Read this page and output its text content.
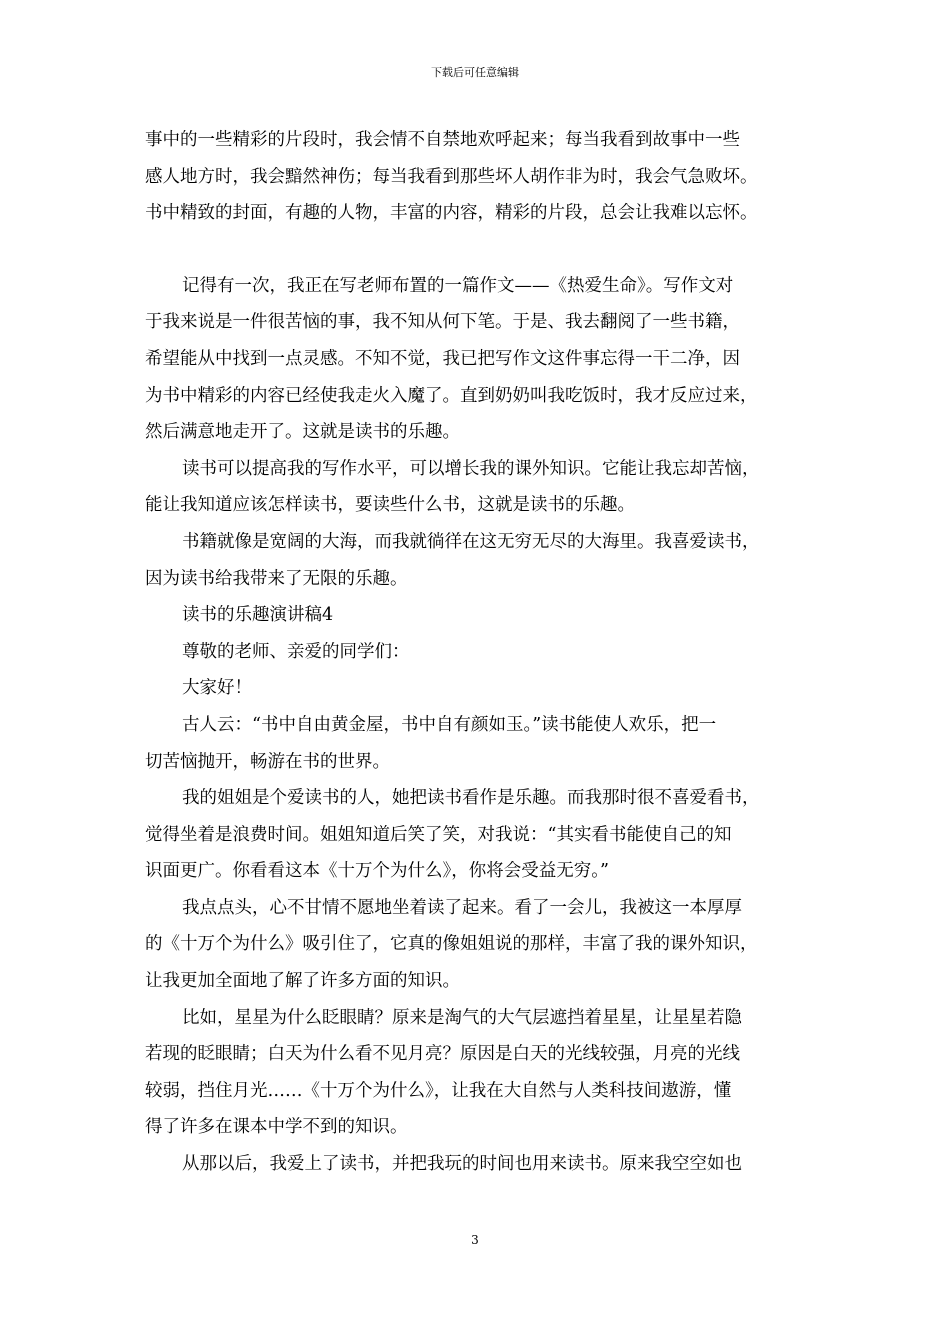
下载后可任意编辑
事中的一些精彩的片段时，我会情不自禁地欢呼起来；每当我看到故事中一些
感人地方时，我会黯然神伤；每当我看到那些坏人胡作非为时，我会气急败坏。
书中精致的封面，有趣的人物，丰富的内容，精彩的片段，总会让我难以忘怀。
记得有一次，我正在写老师布置的一篇作文——《热爱生命》。写作文对
于我来说是一件很苦恼的事，我不知从何下笔。于是、我去翻阅了一些书籍，
希望能从中找到一点灵感。不知不觉，我已把写作文这件事忘得一干二净，因
为书中精彩的内容已经使我走火入魔了。直到奶奶叫我吃饭时，我才反应过来，
然后满意地走开了。这就是读书的乐趣。
读书可以提高我的写作水平，可以增长我的课外知识。它能让我忘却苦恼，
能让我知道应该怎样读书，要读些什么书，这就是读书的乐趣。
书籍就像是宽阔的大海，而我就徜徉在这无穷无尽的大海里。我喜爱读书，
因为读书给我带来了无限的乐趣。
读书的乐趣演讲稿4
尊敬的老师、亲爱的同学们：
大家好！
古人云：“书中自由黄金屋，书中自有颜如玉。”读书能使人欢乐，把一
切苦恼抛开，畅游在书的世界。
我的姐姐是个爱读书的人，她把读书看作是乐趣。而我那时很不喜爱看书，
觉得坐着是浪费时间。姐姐知道后笑了笑，对我说：“其实看书能使自己的知
识面更广。你看看这本《十万个为什么》，你将会受益无穷。”
我点点头，心不甘情不愿地坐着读了起来。看了一会儿，我被这一本厚厚
的《十万个为什么》吸引住了，它真的像姐姐说的那样，丰富了我的课外知识，
让我更加全面地了解了许多方面的知识。
比如，星星为什么眨眼睛？原来是淘气的大气层遮挡着星星，让星星若隐
若现的眨眼睛；白天为什么看不见月亮？原因是白天的光线较强，月亮的光线
较弱，挡住月光……《十万个为什么》，让我在大自然与人类科技间遨游，懂
得了许多在课本中学不到的知识。
从那以后，我爱上了读书，并把我玩的时间也用来读书。原来我空空如也
3
